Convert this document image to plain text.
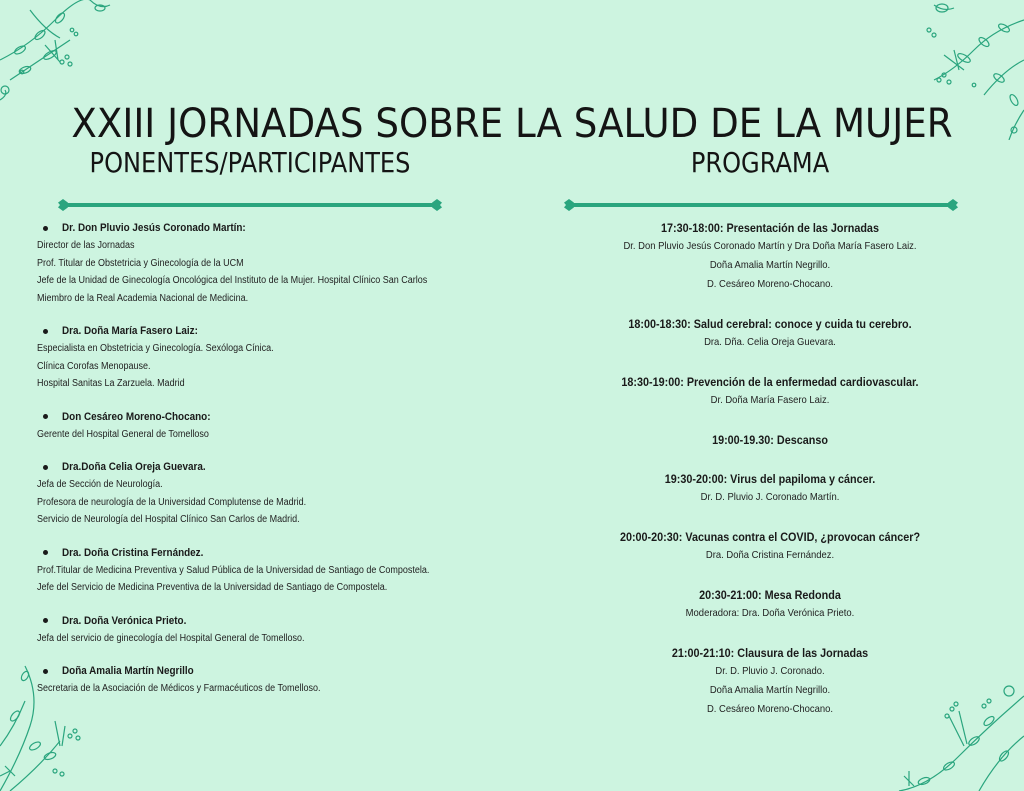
XXIII JORNADAS SOBRE LA SALUD DE LA MUJER
PONENTES/PARTICIPANTES	PROGRAMA
Dr. Don Pluvio Jesús Coronado Martín:
Director de las Jornadas
Prof. Titular de Obstetricia y Ginecología de la UCM
Jefe de la Unidad de Ginecología Oncológica del Instituto de la Mujer. Hospital Clínico San Carlos
Miembro de la Real Academia Nacional de Medicina.
Dra. Doña María Fasero Laiz:
Especialista en Obstetricia y Ginecología. Sexóloga Cínica.
Clínica Corofas Menopause.
Hospital Sanitas La Zarzuela. Madrid
Don Cesáreo Moreno-Chocano:
Gerente del Hospital General de Tomelloso
Dra.Doña Celia Oreja Guevara.
Jefa de Sección de Neurología.
Profesora de neurología de la Universidad Complutense de Madrid.
Servicio de Neurología del Hospital Clínico San Carlos de Madrid.
Dra. Doña Cristina Fernández.
Prof.Titular de Medicina Preventiva y Salud Pública de la Universidad de Santiago de Compostela.
Jefe del Servicio de Medicina Preventiva de la Universidad de Santiago de Compostela.
Dra. Doña Verónica Prieto.
Jefa del servicio de ginecología del Hospital General de Tomelloso.
Doña Amalia Martín Negrillo
Secretaria de la Asociación de Médicos y Farmacéuticos de Tomelloso.
17:30-18:00: Presentación de las Jornadas
Dr. Don Pluvio Jesús Coronado Martín y Dra Doña María Fasero Laiz.
Doña Amalia Martín Negrillo.
D. Cesáreo Moreno-Chocano.
18:00-18:30: Salud cerebral: conoce y cuida tu cerebro.
Dra. Dña. Celia Oreja Guevara.
18:30-19:00: Prevención de la enfermedad cardiovascular.
Dr. Doña María Fasero Laiz.
19:00-19.30: Descanso
19:30-20:00: Virus del papiloma y cáncer.
Dr. D. Pluvio J. Coronado Martín.
20:00-20:30: Vacunas contra el COVID, ¿provocan cáncer?
Dra. Doña Cristina Fernández.
20:30-21:00: Mesa Redonda
Moderadora: Dra. Doña Verónica Prieto.
21:00-21:10: Clausura de las Jornadas
Dr. D. Pluvio J. Coronado.
Doña Amalia Martín Negrillo.
D. Cesáreo Moreno-Chocano.
